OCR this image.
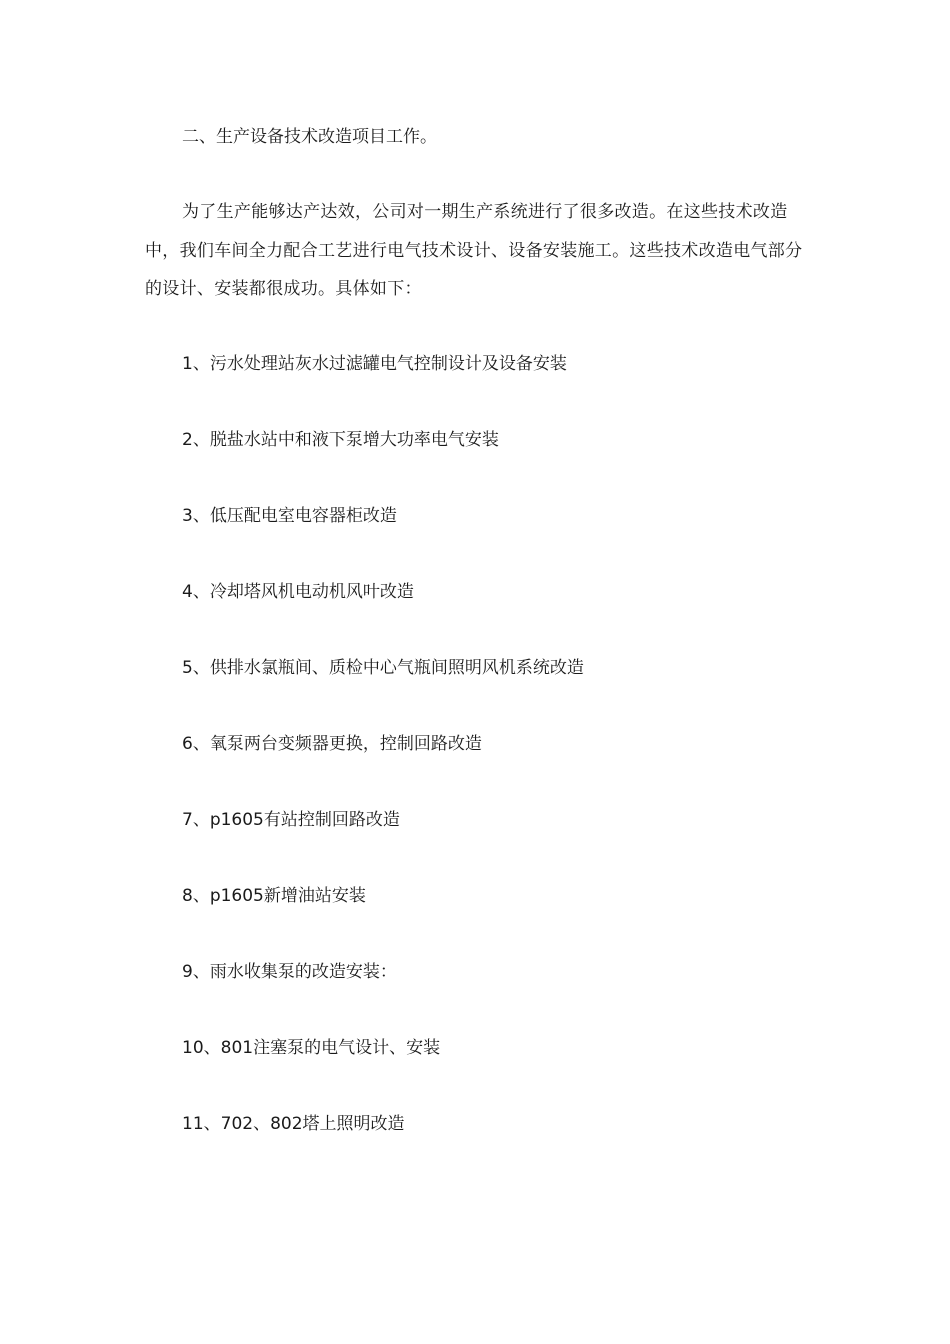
二、生产设备技术改造项目工作。

为了生产能够达产达效，公司对一期生产系统进行了很多改造。在这些技术改造中，我们车间全力配合工艺进行电气技术设计、设备安装施工。这些技术改造电气部分的设计、安装都很成功。具体如下：

1、污水处理站灰水过滤罐电气控制设计及设备安装
2、脱盐水站中和液下泵增大功率电气安装
3、低压配电室电容器柜改造
4、冷却塔风机电动机风叶改造
5、供排水氯瓶间、质检中心气瓶间照明风机系统改造
6、氧泵两台变频器更换，控制回路改造
7、p1605有站控制回路改造
8、p1605新增油站安装
9、雨水收集泵的改造安装：
10、801注塞泵的电气设计、安装
11、702、802塔上照明改造
